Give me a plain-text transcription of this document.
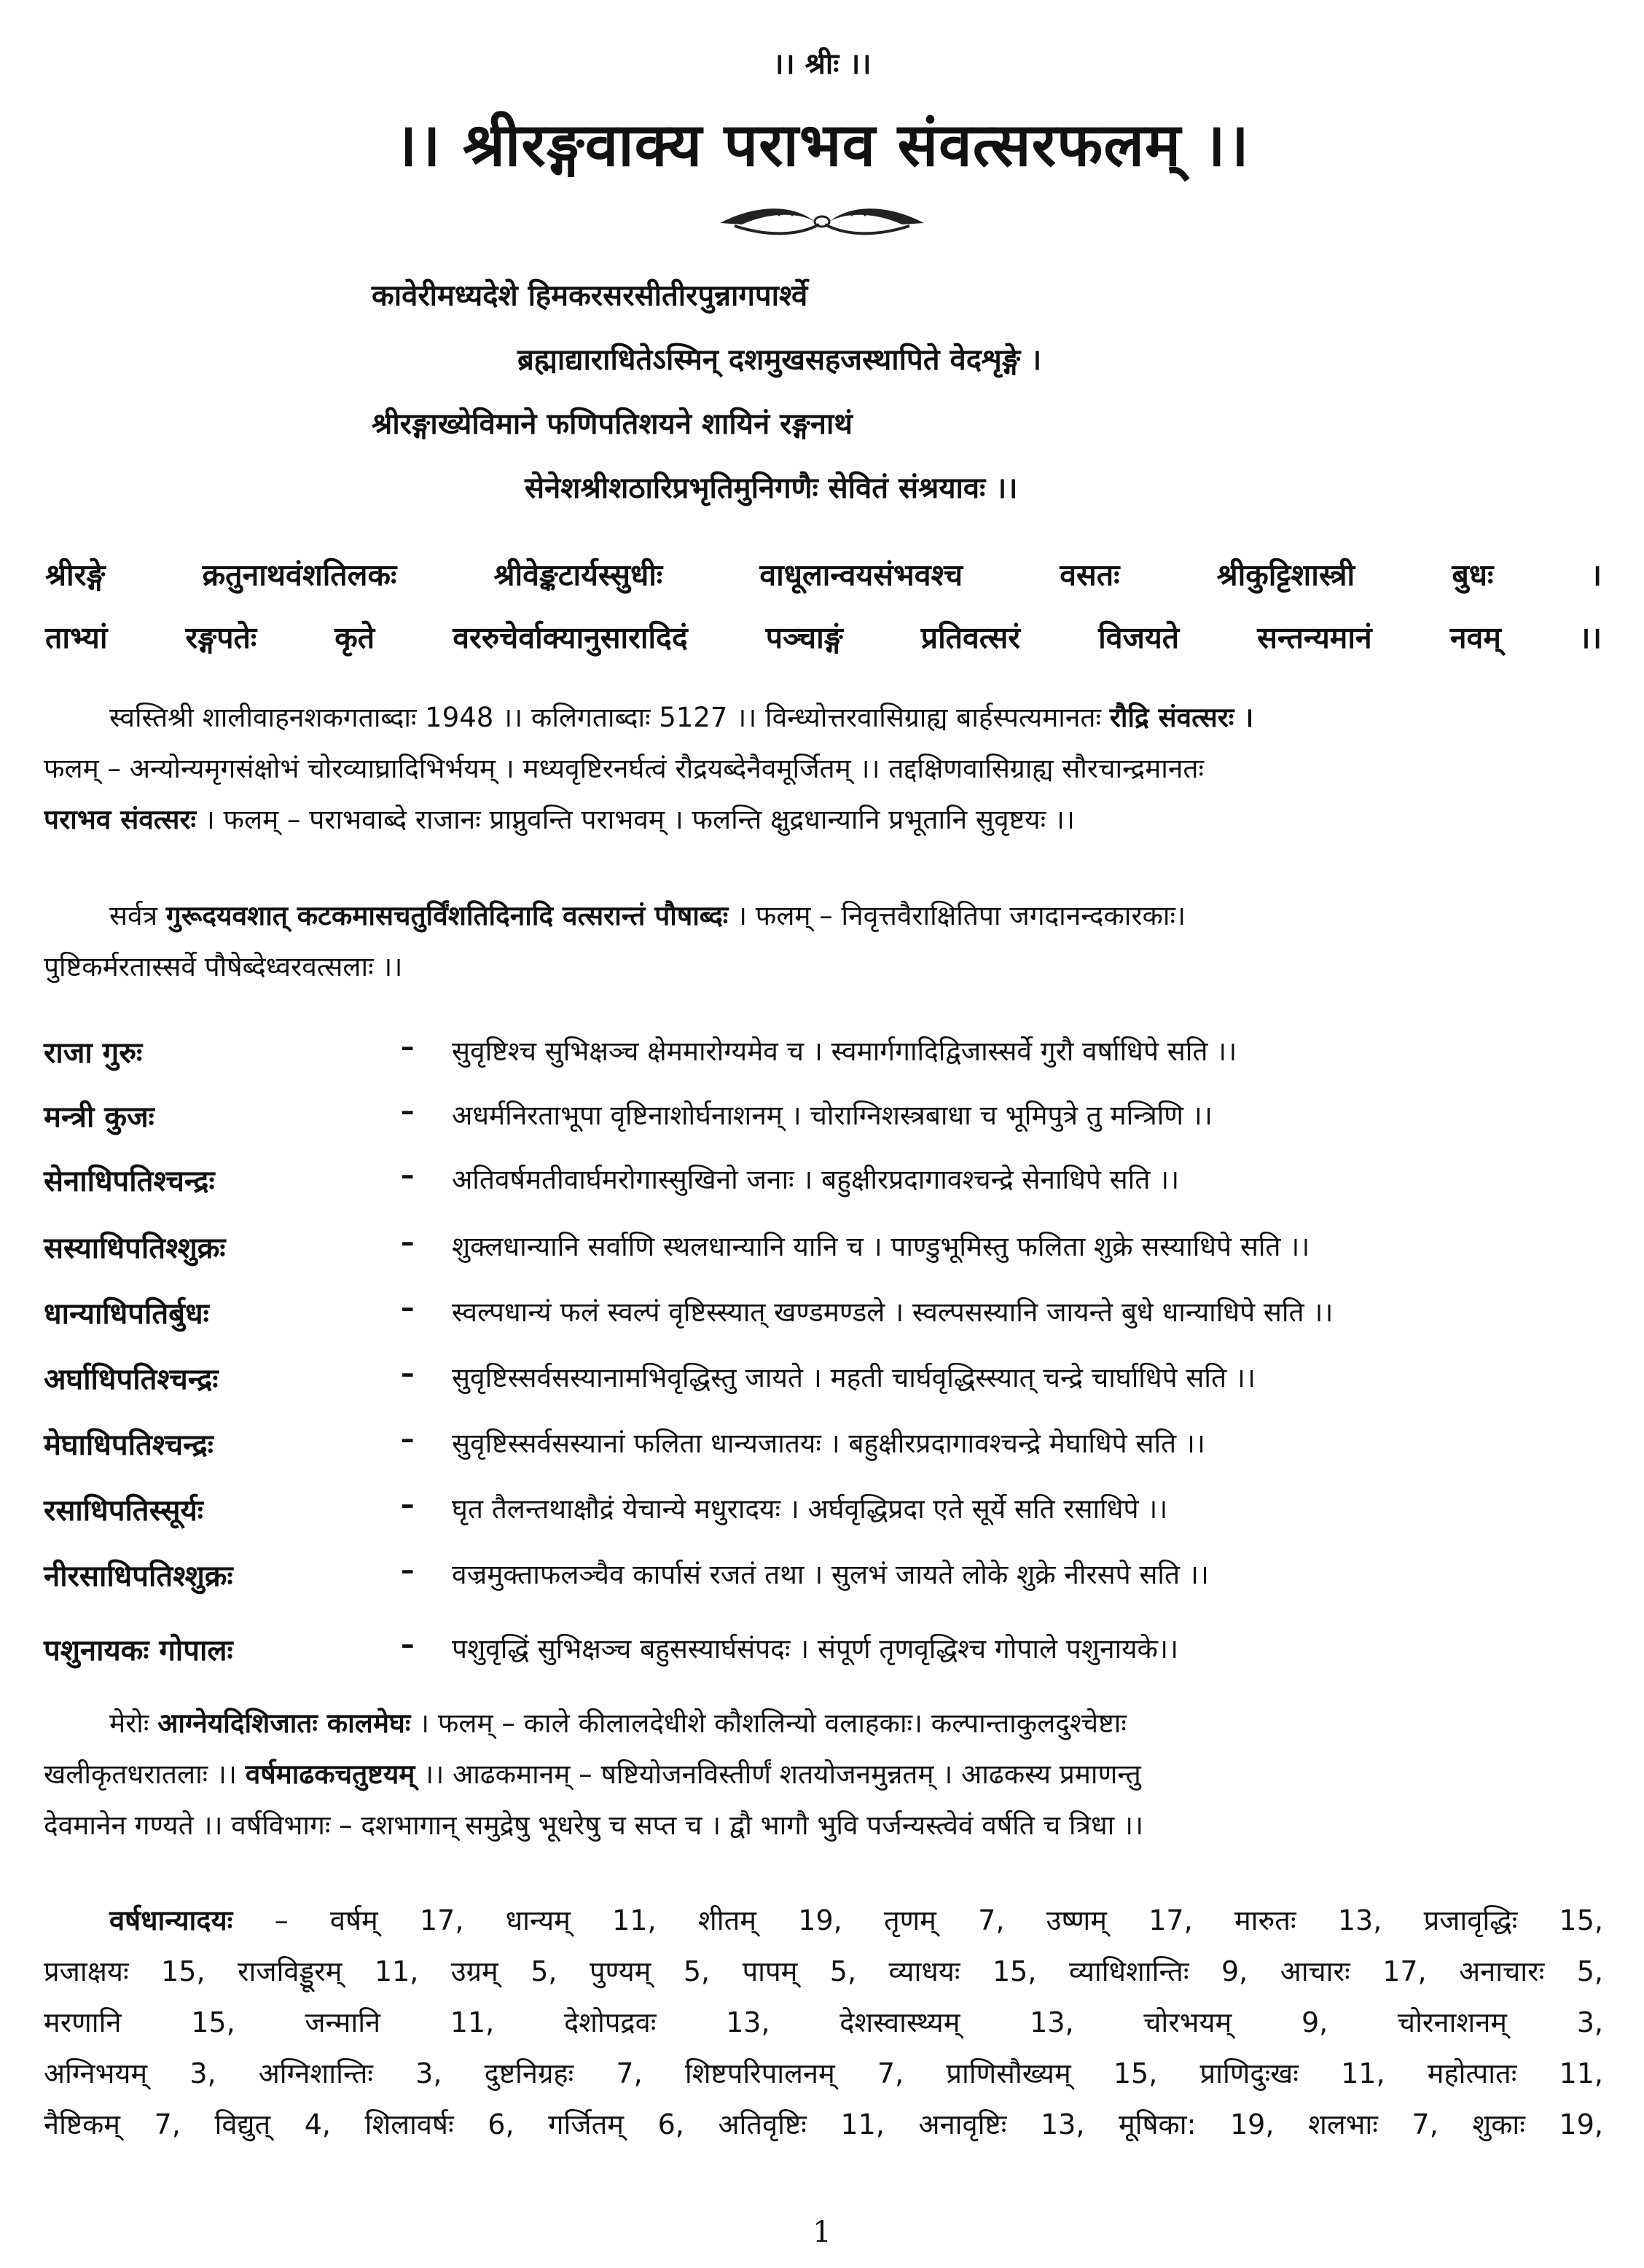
।। श्रीः ।।
।। श्रीरङ्गवाक्य पराभव संवत्सरफलम् ।।
कावेरीमध्यदेशे हिमकरसरसीतीरपुन्नागपार्श्वे
ब्रह्माद्याराधितेऽस्मिन् दशमुखसहजस्थापिते वेदशृङ्गे ।
श्रीरङ्गाख्येविमाने फणिपतिशयने शायिनं रङ्गनाथं
सेनेशश्रीशठारिप्रभृतिमुनिगणैः सेवितं संश्रयावः ।।
श्रीरङ्गे क्रतुनाथवंशतिलकः श्रीवेङ्कटार्यस्सुधीः वाधूलान्वयसंभवश्च वसतः श्रीकुट्टिशास्त्री बुधः ।
ताभ्यां रङ्गपतेः कृते वररुचेर्वाक्यानुसारादिदं पञ्चाङ्गं प्रतिवत्सरं विजयते सन्तन्यमानं नवम् ।।
स्वस्तिश्री शालीवाहनशकगताब्दाः 1948 ।। कलिगताब्दाः 5127 ।। विन्ध्योत्तरवासिग्राह्य बार्हस्पत्यमानतः रौद्रि संवत्सरः ।
फलम् – अन्योन्यमृगसंक्षोभं चोरव्याघ्रादिभिर्भयम् । मध्यवृष्टिरनर्घत्वं रौद्रयब्देनैवमूर्जितम् ।। तद्दक्षिणवासिग्राह्य सौरचान्द्रमानतः
पराभव संवत्सरः । फलम् – पराभवाब्दे राजानः प्राप्नुवन्ति पराभवम् । फलन्ति क्षुद्रधान्यानि प्रभूतानि सुवृष्टयः ।।
सर्वत्र गुरूदयवशात् कटकमासचतुर्विंशतिदिनादि वत्सरान्तं पौषाब्दः । फलम् – निवृत्तवैराक्षितिपा जगदानन्दकारकाः।
पुष्टिकर्मरतास्सर्वे पौषेब्देध्वरवत्सलाः ।।
राजा गुरुः	– सुवृष्टिश्च सुभिक्षञ्च क्षेममारोग्यमेव च । स्वमार्गगादिद्विजास्सर्वे गुरौ वर्षाधिपे सति ।।
मन्त्री कुजः	– अधर्मनिरताभूपा वृष्टिनाशोर्घनाशनम् । चोराग्निशस्त्रबाधा च भूमिपुत्रे तु मन्त्रिणि ।।
सेनाधिपतिश्चन्द्रः	– अतिवर्षमतीवार्घमरोगास्सुखिनो जनाः । बहुक्षीरप्रदागावश्चन्द्रे सेनाधिपे सति ।।
सस्याधिपतिश्शुक्रः	– शुक्लधान्यानि सर्वाणि स्थलधान्यानि यानि च । पाण्डुभूमिस्तु फलिता शुक्रे सस्याधिपे सति ।।
धान्याधिपतिर्बुधः	– स्वल्पधान्यं फलं स्वल्पं वृष्टिस्स्यात् खण्डमण्डले । स्वल्पसस्यानि जायन्ते बुधे धान्याधिपे सति ।।
अर्घाधिपतिश्चन्द्रः	– सुवृष्टिस्सर्वसस्यानामभिवृद्धिस्तु जायते । महती चार्घवृद्धिस्स्यात् चन्द्रे चार्घाधिपे सति ।।
मेघाधिपतिश्चन्द्रः	– सुवृष्टिस्सर्वसस्यानां फलिता धान्यजातयः । बहुक्षीरप्रदागावश्चन्द्रे मेघाधिपे सति ।।
रसाधिपतिस्सूर्यः	– घृत तैलन्तथाक्षौद्रं येचान्ये मधुरादयः । अर्घवृद्धिप्रदा एते सूर्ये सति रसाधिपे ।।
नीरसाधिपतिश्शुक्रः	– वज्रमुक्ताफलञ्चैव कार्पासं रजतं तथा । सुलभं जायते लोके शुक्रे नीरसपे सति ।।
पशुनायकः गोपालः	– पशुवृद्धिं सुभिक्षञ्च बहुसस्यार्घसंपदः । संपूर्ण तृणवृद्धिश्च गोपाले पशुनायके।।
मेरोः आग्नेयदिशिजातः कालमेघः । फलम् – काले कीलालदेधीशे कौशलिन्यो वलाहकाः। कल्पान्ताकुलदुश्चेष्टाः
खलीकृतधरातलाः ।। वर्षमाढकचतुष्टयम् ।। आढकमानम् – षष्टियोजनविस्तीर्णं शतयोजनमुन्नतम् । आढकस्य प्रमाणन्तु
देवमानेन गण्यते ।। वर्षविभागः – दशभागान् समुद्रेषु भूधरेषु च सप्त च । द्वौ भागौ भुवि पर्जन्यस्त्वेवं वर्षति च त्रिधा ।।
वर्षधान्यादयः – वर्षम् 17, धान्यम् 11, शीतम् 19, तृणम् 7, उष्णम् 17, मारुतः 13, प्रजावृद्धिः 15,
प्रजाक्षयः 15, राजविड्डूरम् 11, उग्रम् 5, पुण्यम् 5, पापम् 5, व्याधयः 15, व्याधिशान्तिः 9, आचारः 17, अनाचारः 5,
मरणानि 15, जन्मानि 11, देशोपद्रवः 13, देशस्वास्थ्यम् 13, चोरभयम् 9, चोरनाशनम् 3,
अग्निभयम् 3, अग्निशान्तिः 3, दुष्टनिग्रहः 7, शिष्टपरिपालनम् 7, प्राणिसौख्यम् 15, प्राणिदुःखः 11, महोत्पातः 11,
नैष्टिकम् 7, विद्युत् 4, शिलावर्षः 6, गर्जितम् 6, अतिवृष्टिः 11, अनावृष्टिः 13, मूषिका: 19, शलभाः 7, शुकाः 19,
1
